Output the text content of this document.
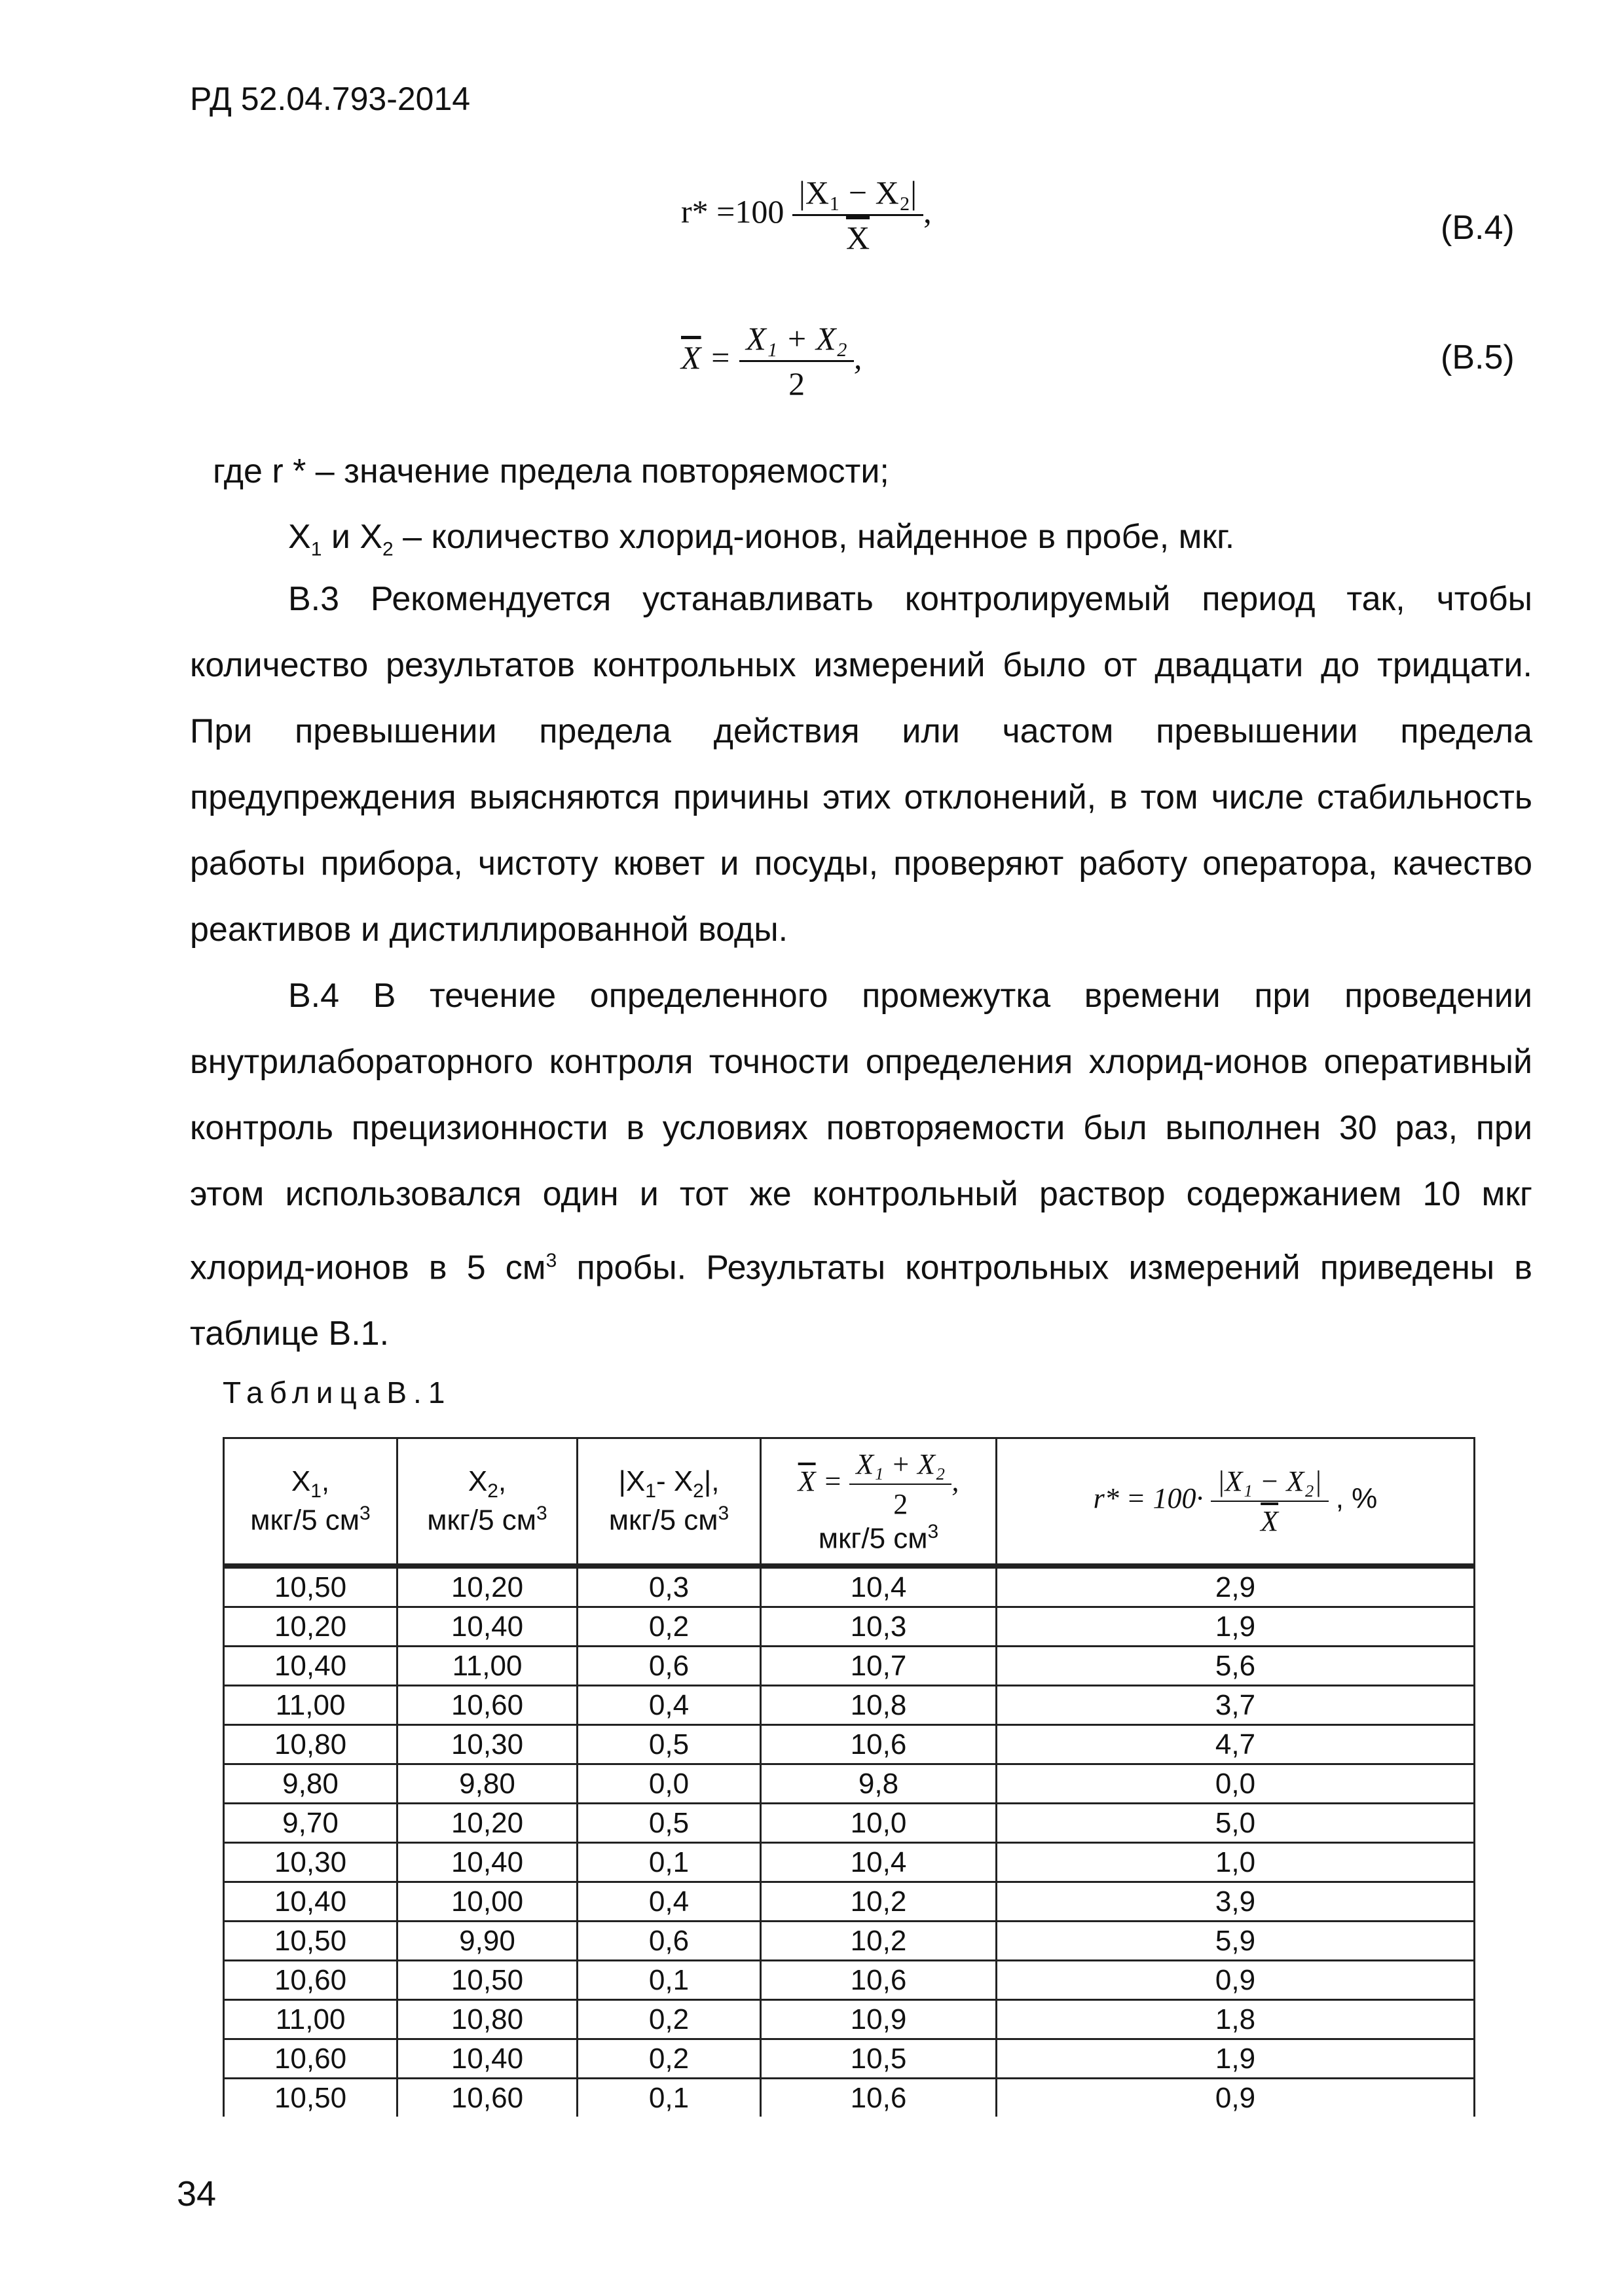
РД 52.04.793-2014
$r* =100 \frac{\text{|X₁ − X₂|}}{X}$ ,	(В.4)
$\overline{X} = \frac{\text{X₁ + X₂}}{2}$ ,	(В.5)
где r * – значение предела повторяемости;
$X_1$ и $X_2$ – количество хлорид-ионов, найденное в пробе, мкг.

В.3 Рекомендуется устанавливать контролируемый период так, чтобы количество результатов контрольных измерений было от двадцати до тридцати. При превышении предела действия или частом превышении предела предупреждения выясняются причины этих отклонений, в том числе стабильность работы прибора, чистоту кювет и посуды, проверяют работу оператора, качество реактивов и дистиллированной воды.

В.4 В течение определенного промежутка времени при проведении внутрилабораторного контроля точности определения хлорид-ионов оперативный контроль прецизионности в условиях повторяемости был выполнен 30 раз, при этом использовался один и тот же контрольный раствор содержанием 10 мкг хлорид-ионов в 5 $см^3$ пробы. Результаты контрольных измерений приведены в таблице В.1.

ТаблицаВ.1
$X_1$,
мкг/5 $см^3$	$X_2$,
мкг/5 $см^3$	$|X_1-$ $X_2|$,
мкг/5 $см^3$	$\overline{X} = \frac{\text{X₁ + X₂}}{2}$ ,
мкг/5 $см^3$	$r* = 100\cdot \frac{\text{|X₁ − X₂|}}{X}$ , %
10,50	10,20	0,3	10,4	2,9
10,20	10,40	0,2	10,3	1,9
10,40	11,00	0,6	10,7	5,6
11,00	10,60	0,4	10,8	3,7
10,80	10,30	0,5	10,6	4,7
9,80	9,80	0,0	9,8	0,0
9,70	10,20	0,5	10,0	5,0
10,30	10,40	0,1	10,4	1,0
10,40	10,00	0,4	10,2	3,9
10,50	9,90	0,6	10,2	5,9
10,60	10,50	0,1	10,6	0,9
11,00	10,80	0,2	10,9	1,8
10,60	10,40	0,2	10,5	1,9
10,50	10,60	0,1	10,6	0,9
34
